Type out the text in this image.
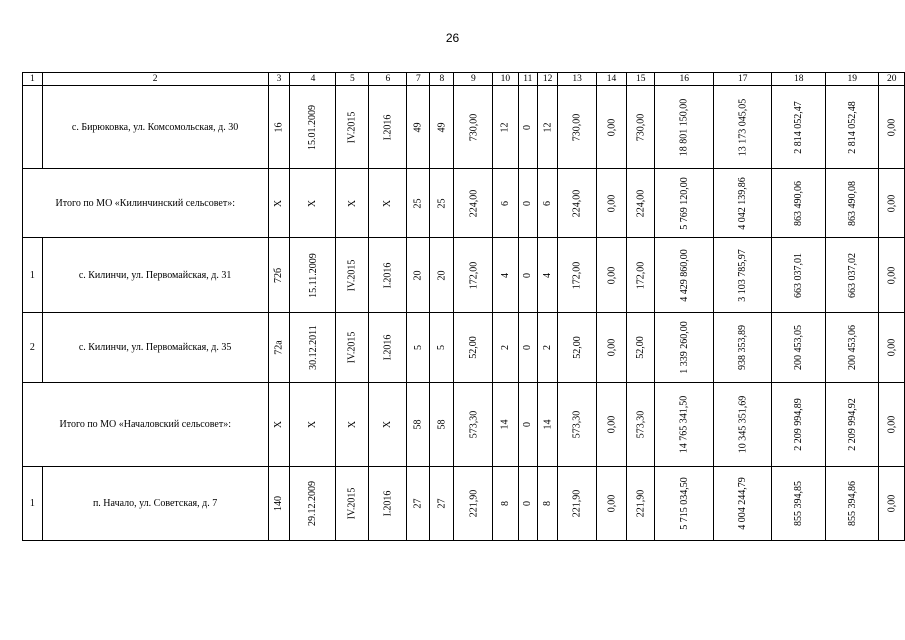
26
1	2	3	4	5	6	7	8	9	10	11	12	13	14	15	16	17	18	19	20
	с. Бирюковка, ул. Комсомольская, д. 30	16	15.01.2009	IV.2015	I.2016	49	49	730,00	12	0	12	730,00	0,00	730,00	18 801 150,00	13 173 045,05	2 814 052,47	2 814 052,48	0,00
Итого по МО «Килинчинский сельсовет»:		X	X	X	X	25	25	224,00	6	0	6	224,00	0,00	224,00	5 769 120,00	4 042 139,86	863 490,06	863 490,08	0,00
1	с. Килинчи, ул. Первомайская, д. 31	72б	15.11.2009	IV.2015	I.2016	20	20	172,00	4	0	4	172,00	0,00	172,00	4 429 860,00	3 103 785,97	663 037,01	663 037,02	0,00
2	с. Килинчи, ул. Первомайская, д. 35	72а	30.12.2011	IV.2015	I.2016	5	5	52,00	2	0	2	52,00	0,00	52,00	1 339 260,00	938 353,89	200 453,05	200 453,06	0,00
Итого по МО «Началовский сельсовет»:		X	X	X	X	58	58	573,30	14	0	14	573,30	0,00	573,30	14 765 341,50	10 345 351,69	2 209 994,89	2 209 994,92	0,00
1	п. Начало, ул. Советская, д. 7	140	29.12.2009	IV.2015	I.2016	27	27	221,90	8	0	8	221,90	0,00	221,90	5 715 034,50	4 004 244,79	855 394,85	855 394,86	0,00
